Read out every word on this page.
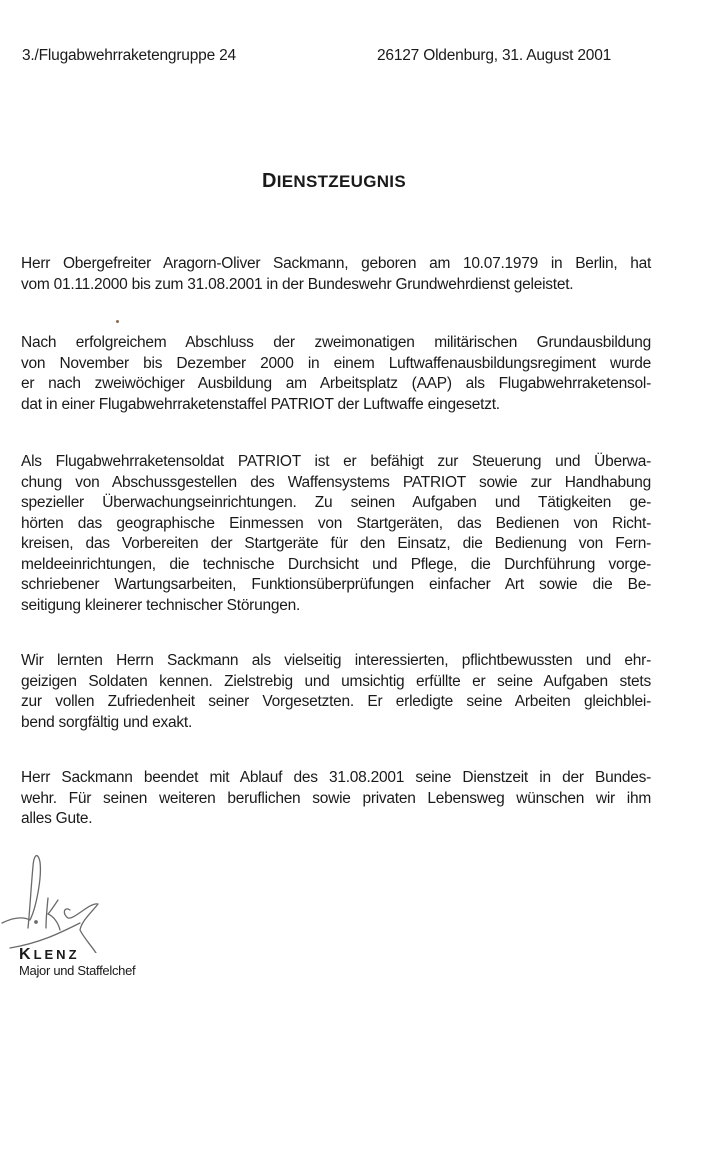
3./Flugabwehrraketengruppe 24	26127 Oldenburg, 31. August 2001
DIENSTZEUGNIS
Herr Obergefreiter Aragorn-Oliver Sackmann, geboren am 10.07.1979 in Berlin, hat
vom 01.11.2000 bis zum 31.08.2001 in der Bundeswehr Grundwehrdienst geleistet.
Nach erfolgreichem Abschluss der zweimonatigen militärischen Grundausbildung
von November bis Dezember 2000 in einem Luftwaffenausbildungsregiment wurde
er nach zweiwöchiger Ausbildung am Arbeitsplatz (AAP) als Flugabwehrraketensol-
dat in einer Flugabwehrraketenstaffel PATRIOT der Luftwaffe eingesetzt.
Als Flugabwehrraketensoldat PATRIOT ist er befähigt zur Steuerung und Überwa-
chung von Abschussgestellen des Waffensystems PATRIOT sowie zur Handhabung
spezieller Überwachungseinrichtungen. Zu seinen Aufgaben und Tätigkeiten ge-
hörten das geographische Einmessen von Startgeräten, das Bedienen von Richt-
kreisen, das Vorbereiten der Startgeräte für den Einsatz, die Bedienung von Fern-
meldeeinrichtungen, die technische Durchsicht und Pflege, die Durchführung vorge-
schriebener Wartungsarbeiten, Funktionsüberprüfungen einfacher Art sowie die Be-
seitigung kleinerer technischer Störungen.
Wir lernten Herrn Sackmann als vielseitig interessierten, pflichtbewussten und ehr-
geizigen Soldaten kennen. Zielstrebig und umsichtig erfüllte er seine Aufgaben stets
zur vollen Zufriedenheit seiner Vorgesetzten. Er erledigte seine Arbeiten gleichblei-
bend sorgfältig und exakt.
Herr Sackmann beendet mit Ablauf des 31.08.2001 seine Dienstzeit in der Bundes-
wehr. Für seinen weiteren beruflichen sowie privaten Lebensweg wünschen wir ihm
alles Gute.
KLENZ
Major und Staffelchef
